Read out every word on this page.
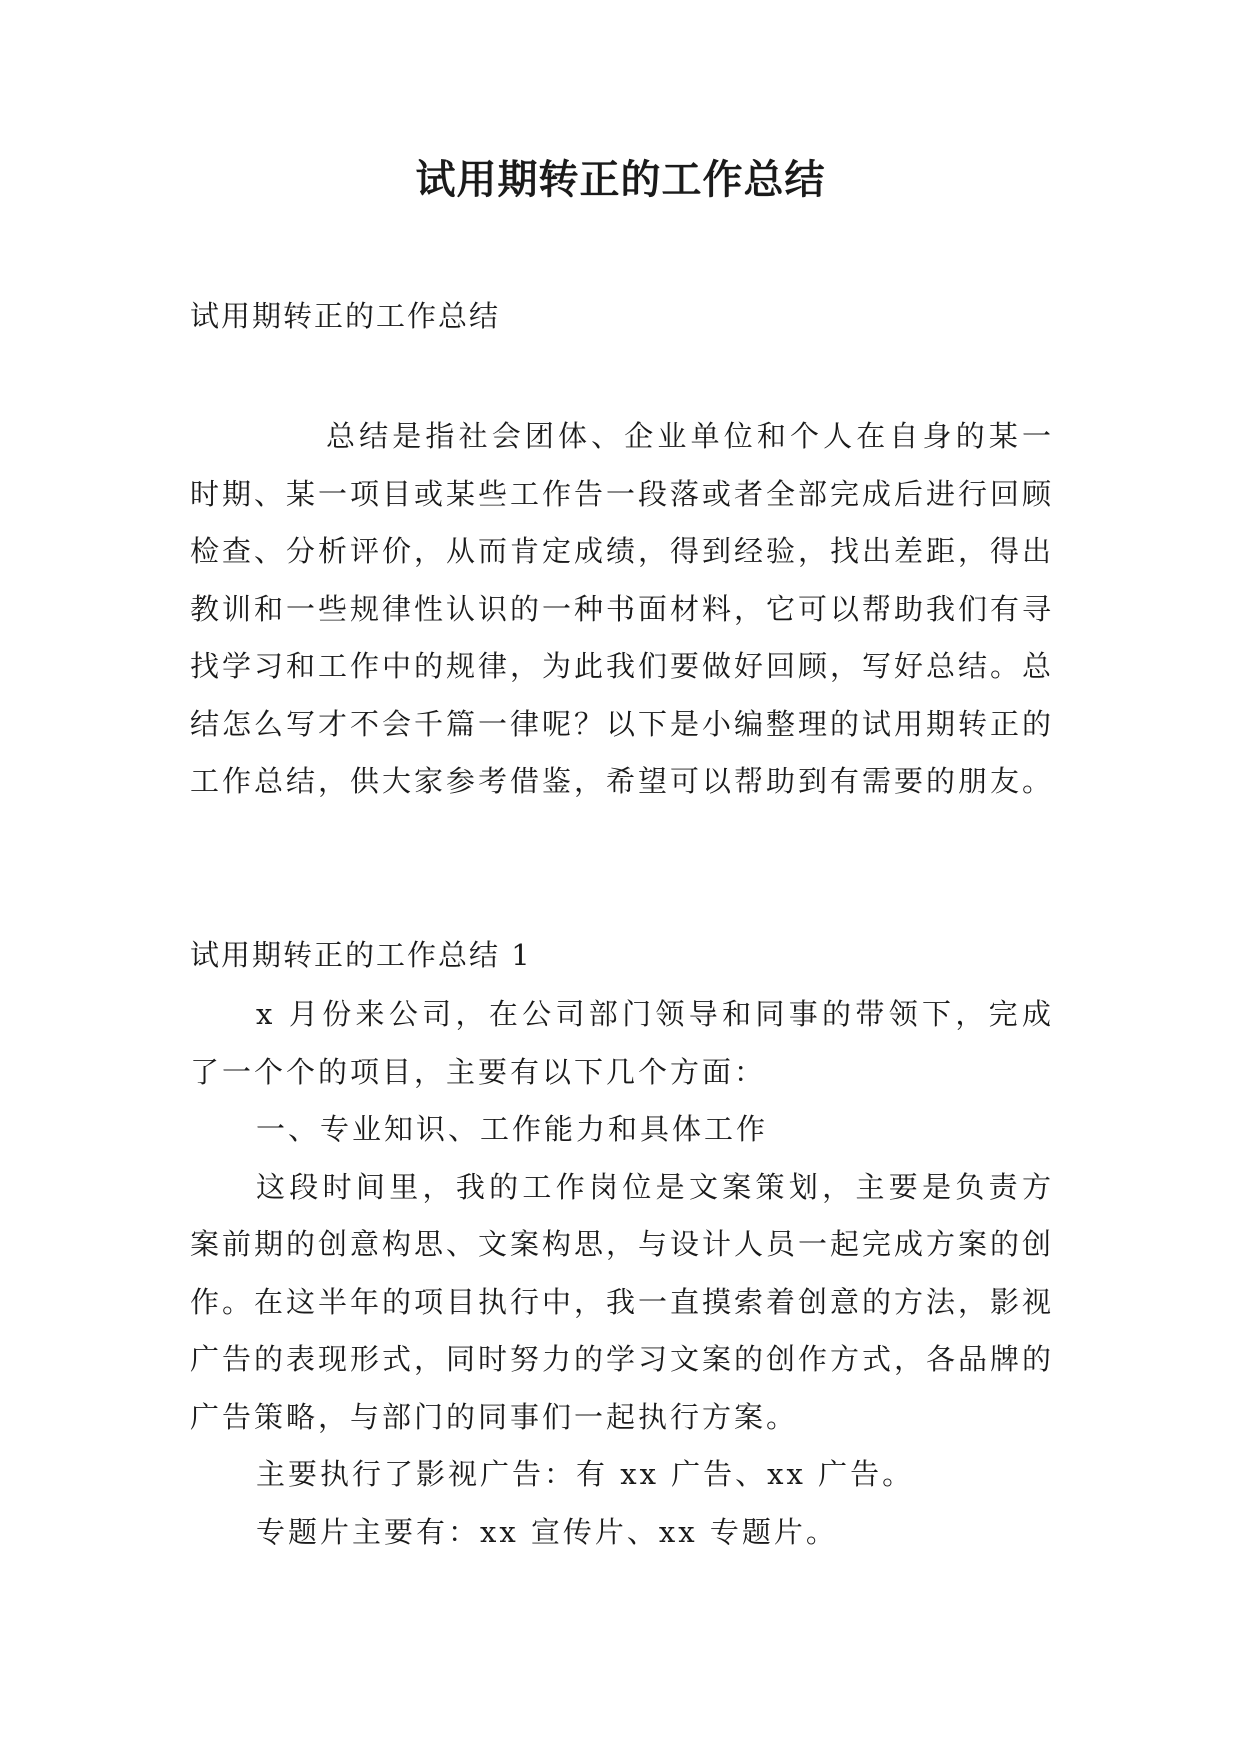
试用期转正的工作总结

试用期转正的工作总结

总结是指社会团体、企业单位和个人在自身的某一时期、某一项目或某些工作告一段落或者全部完成后进行回顾检查、分析评价，从而肯定成绩，得到经验，找出差距，得出教训和一些规律性认识的一种书面材料，它可以帮助我们有寻找学习和工作中的规律，为此我们要做好回顾，写好总结。总结怎么写才不会千篇一律呢？以下是小编整理的试用期转正的工作总结，供大家参考借鉴，希望可以帮助到有需要的朋友。

试用期转正的工作总结 1

x 月份来公司，在公司部门领导和同事的带领下，完成了一个个的项目，主要有以下几个方面：

一、专业知识、工作能力和具体工作

这段时间里，我的工作岗位是文案策划，主要是负责方案前期的创意构思、文案构思，与设计人员一起完成方案的创作。在这半年的项目执行中，我一直摸索着创意的方法，影视广告的表现形式，同时努力的学习文案的创作方式，各品牌的广告策略，与部门的同事们一起执行方案。

主要执行了影视广告：有 xx 广告、xx 广告。

专题片主要有：xx 宣传片、xx 专题片。
